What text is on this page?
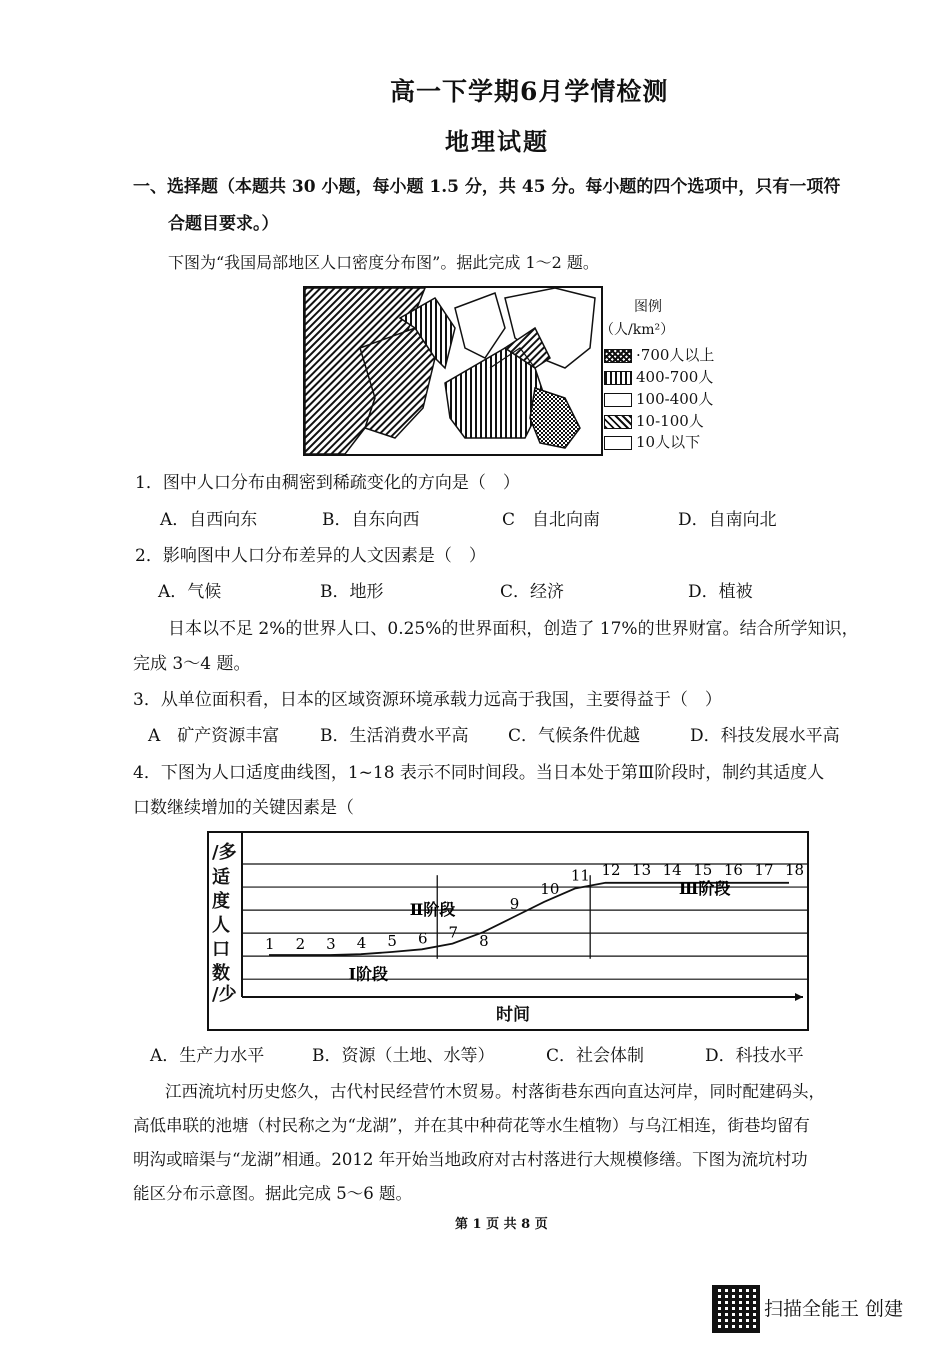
高一下学期6月学情检测
地理试题
一、选择题（本题共 30 小题，每小题 1.5 分，共 45 分。每小题的四个选项中，只有一项符
合题目要求。）
下图为“我国局部地区人口密度分布图”。据此完成 1～2 题。
图例
（人/km²）
·700人以上
400-700人
100-400人
10-100人
10人以下
1．图中人口分布由稠密到稀疏变化的方向是（　）
A．自西向东	B．自东向西	C　自北向南	D．自南向北
2．影响图中人口分布差异的人文因素是（　）
A．气候	B．地形	C．经济	D．植被
日本以不足 2%的世界人口、0.25%的世界面积，创造了 17%的世界财富。结合所学知识，
完成 3～4 题。
3．从单位面积看，日本的区域资源环境承载力远高于我国，主要得益于（　）
A　矿产资源丰富 B．生活消费水平高 C．气候条件优越	D．科技发展水平高
4．下图为人口适度曲线图，1~18 表示不同时间段。当日本处于第Ⅲ阶段时，制约其适度人
口数继续增加的关键因素是（
1 2 3 4 5 6 7 8
9
10
11 12 13 14 15 16 17 18
Ⅰ阶段
Ⅱ阶段
Ⅲ阶段
/多
适度人口数
/少
时间
A．生产力水平	B．资源（土地、水等）	C．社会体制	D．科技水平
江西流坑村历史悠久，古代村民经营竹木贸易。村落街巷东西向直达河岸，同时配建码头，
高低串联的池塘（村民称之为“龙湖”，并在其中种荷花等水生植物）与乌江相连，街巷均留有
明沟或暗渠与“龙湖”相通。2012 年开始当地政府对古村落进行大规模修缮。下图为流坑村功
能区分布示意图。据此完成 5～6 题。
第 1 页 共 8 页
扫描全能王 创建
